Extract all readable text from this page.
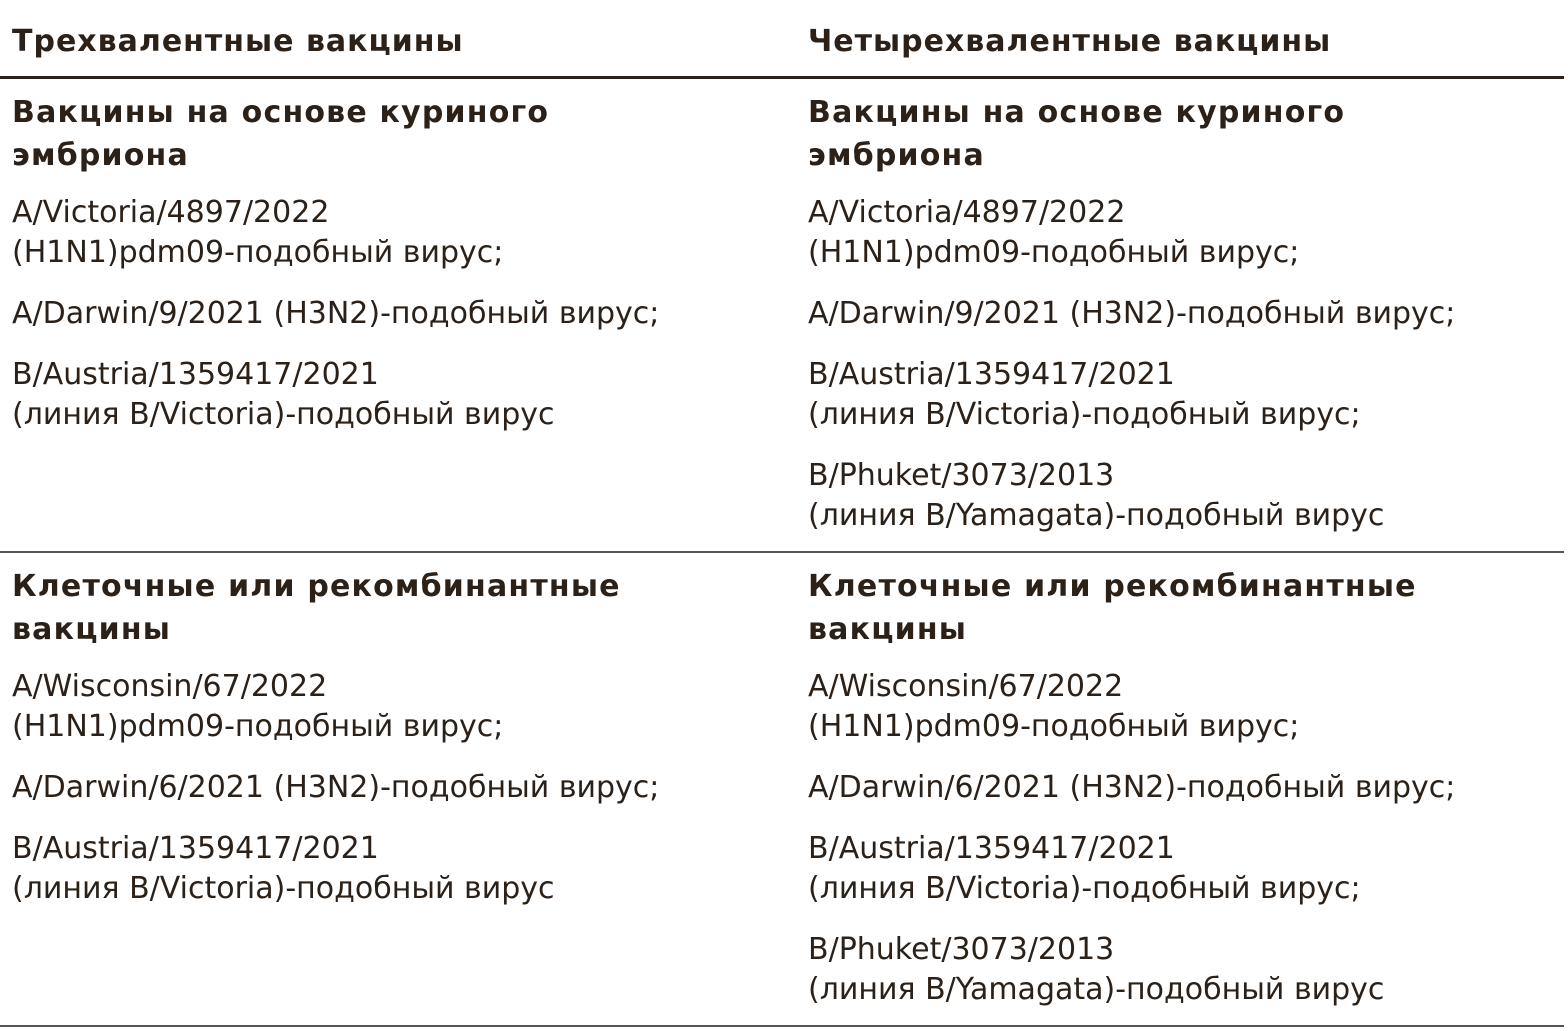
Трехвалентные вакцины	Четырехвалентные вакцины
Вакцины на основе куриного
эмбриона
A/Victoria/4897/2022
(H1N1)pdm09-подобный вирус;
A/Darwin/9/2021 (H3N2)-подобный вирус;
B/Austria/1359417/2021
(линия B/Victoria)-подобный вирус
Вакцины на основе куриного
эмбриона
A/Victoria/4897/2022
(H1N1)pdm09-подобный вирус;
A/Darwin/9/2021 (H3N2)-подобный вирус;
B/Austria/1359417/2021
(линия B/Victoria)-подобный вирус;
B/Phuket/3073/2013
(линия B/Yamagata)-подобный вирус
Клеточные или рекомбинантные
вакцины
A/Wisconsin/67/2022
(H1N1)pdm09-подобный вирус;
A/Darwin/6/2021 (H3N2)-подобный вирус;
B/Austria/1359417/2021
(линия B/Victoria)-подобный вирус
Клеточные или рекомбинантные
вакцины
A/Wisconsin/67/2022
(H1N1)pdm09-подобный вирус;
A/Darwin/6/2021 (H3N2)-подобный вирус;
B/Austria/1359417/2021
(линия B/Victoria)-подобный вирус;
B/Phuket/3073/2013
(линия B/Yamagata)-подобный вирус
